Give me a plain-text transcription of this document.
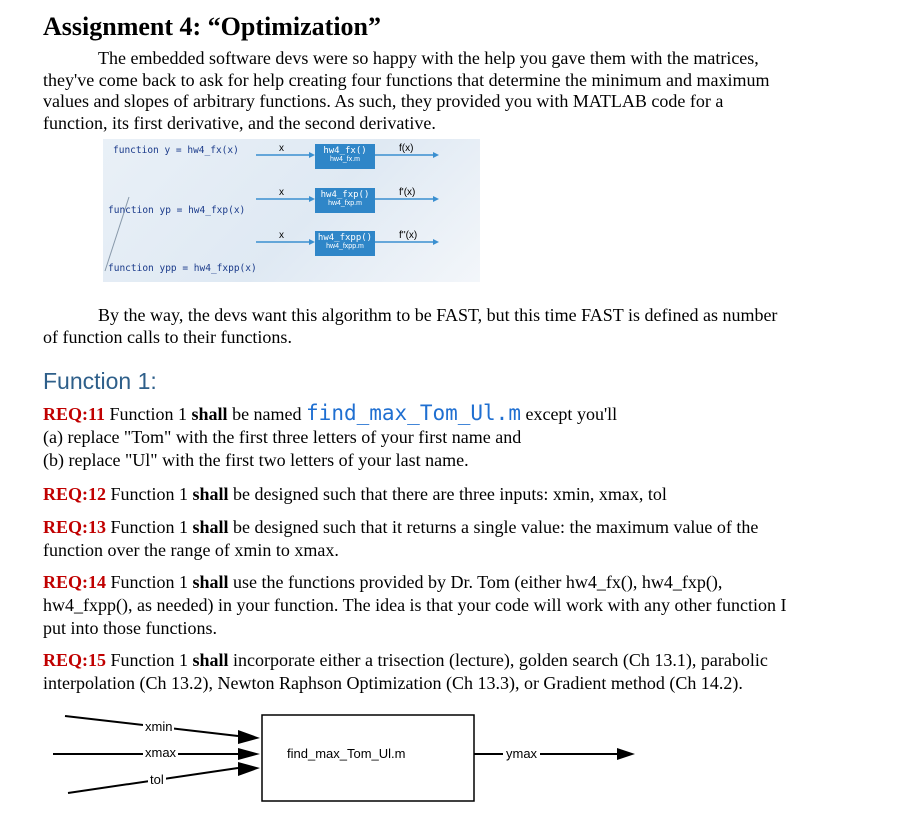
Assignment 4: “Optimization”
The embedded software devs were so happy with the help you gave them with the matrices,
they've come back to ask for help creating four functions that determine the minimum and maximum
values and slopes of arbitrary functions. As such, they provided you with MATLAB code for a
function, its first derivative, and the second derivative.
function y = hw4_fx(x)
function yp = hw4_fxp(x)
function ypp = hw4_fxpp(x)
x	hw4_fx()
hw4_fx.m
f(x)
x	hw4_fxp()
hw4_fxp.m
f'(x)
x	hw4_fxpp()
hw4_fxpp.m
f''(x)
By the way, the devs want this algorithm to be FAST, but this time FAST is defined as number
of function calls to their functions.
Function 1:
REQ:11 Function 1 shall be named find_max_Tom_Ul.m except you'll
(a) replace "Tom" with the first three letters of your first name and
(b) replace "Ul" with the first two letters of your last name.
REQ:12 Function 1 shall be designed such that there are three inputs: xmin, xmax, tol
REQ:13 Function 1 shall be designed such that it returns a single value: the maximum value of the
function over the range of xmin to xmax.
REQ:14 Function 1 shall use the functions provided by Dr. Tom (either hw4_fx(), hw4_fxp(),
hw4_fxpp(), as needed) in your function. The idea is that your code will work with any other function I
put into those functions.
REQ:15 Function 1 shall incorporate either a trisection (lecture), golden search (Ch 13.1), parabolic
interpolation (Ch 13.2), Newton Raphson Optimization (Ch 13.3), or Gradient method (Ch 14.2).
xmin
xmax
tol
find_max_Tom_Ul.m	ymax
